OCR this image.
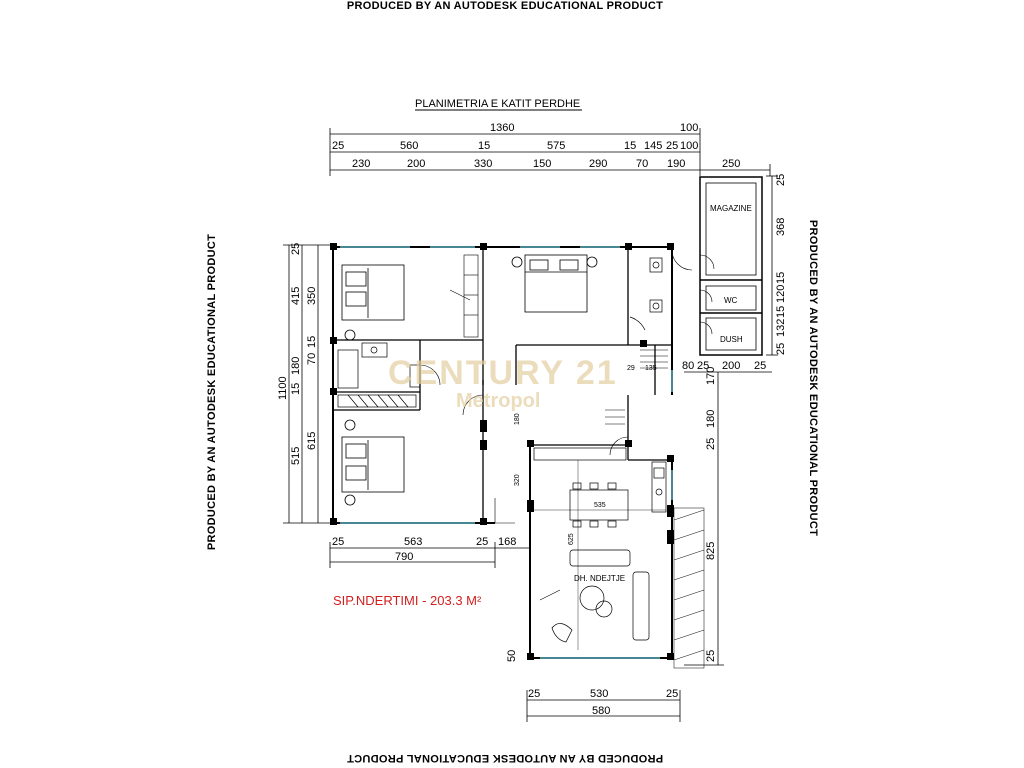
PRODUCED BY AN AUTODESK EDUCATIONAL PRODUCT
PRODUCED BY AN AUTODESK EDUCATIONAL PRODUCT
PRODUCED BY AN AUTODESK EDUCATIONAL PRODUCT	PRODUCED BY AN AUTODESK EDUCATIONAL PRODUCT
PLANIMETRIA E KATIT PERDHE
1360	100
25	560	15	575	15 145 25 100
230	200	330	150	290	70 190	250
1100
25
415
15
515
350
15
70
180
615
25
368
15
120
15
132
25
80 25 200 25
170
180
25
825
25
25	563	25 168
790
25	530	25
580
50
MAGAZINE
WC
DUSH
29 135
180
320
535
625
DH. NDEJTJE
CENTURY 21
Metropol
SIP.NDERTIMI - 203.3 M²
